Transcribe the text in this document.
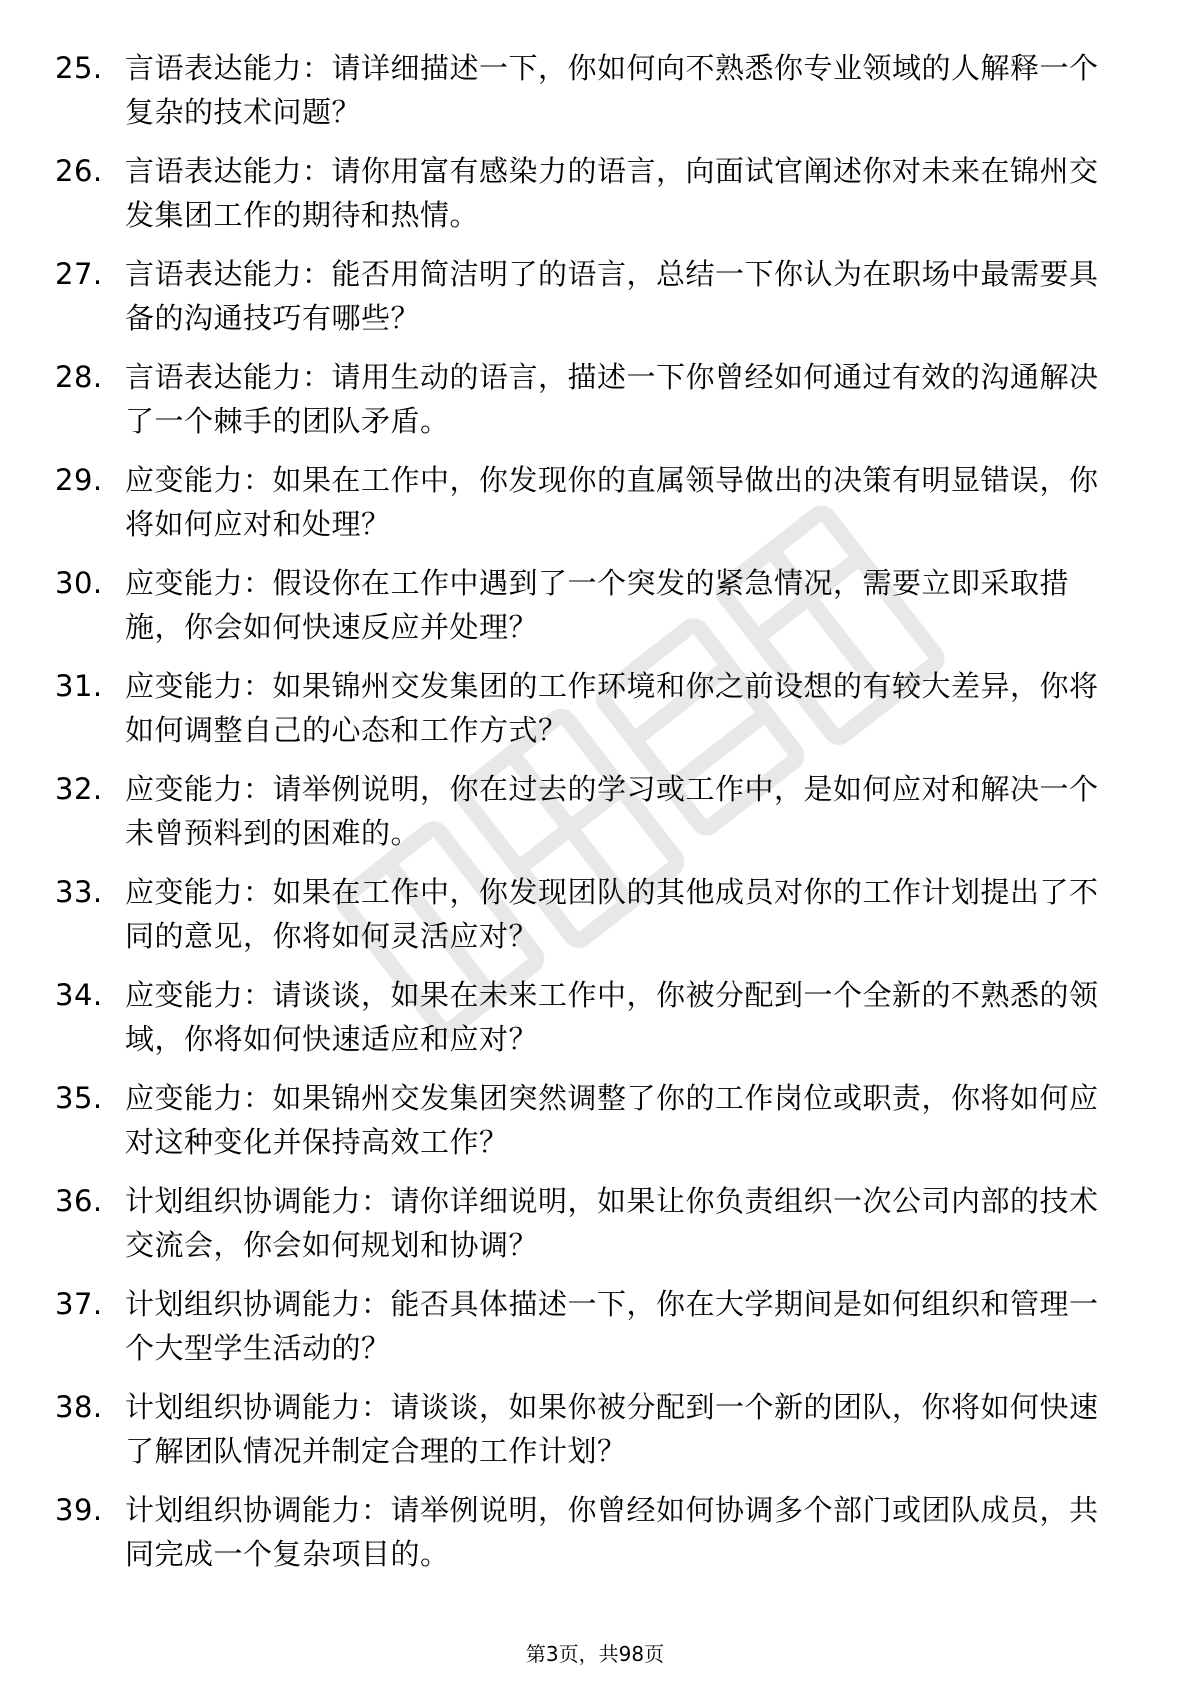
25. 言语表达能力：请详细描述一下，你如何向不熟悉你专业领域的人解释一个复杂的技术问题？
26. 言语表达能力：请你用富有感染力的语言，向面试官阐述你对未来在锦州交发集团工作的期待和热情。
27. 言语表达能力：能否用简洁明了的语言，总结一下你认为在职场中最需要具备的沟通技巧有哪些？
28. 言语表达能力：请用生动的语言，描述一下你曾经如何通过有效的沟通解决了一个棘手的团队矛盾。
29. 应变能力：如果在工作中，你发现你的直属领导做出的决策有明显错误，你将如何应对和处理？
30. 应变能力：假设你在工作中遇到了一个突发的紧急情况，需要立即采取措施，你会如何快速反应并处理？
31. 应变能力：如果锦州交发集团的工作环境和你之前设想的有较大差异，你将如何调整自己的心态和工作方式？
32. 应变能力：请举例说明，你在过去的学习或工作中，是如何应对和解决一个未曾预料到的困难的。
33. 应变能力：如果在工作中，你发现团队的其他成员对你的工作计划提出了不同的意见，你将如何灵活应对？
34. 应变能力：请谈谈，如果在未来工作中，你被分配到一个全新的不熟悉的领域，你将如何快速适应和应对？
35. 应变能力：如果锦州交发集团突然调整了你的工作岗位或职责，你将如何应对这种变化并保持高效工作？
36. 计划组织协调能力：请你详细说明，如果让你负责组织一次公司内部的技术交流会，你会如何规划和协调？
37. 计划组织协调能力：能否具体描述一下，你在大学期间是如何组织和管理一个大型学生活动的？
38. 计划组织协调能力：请谈谈，如果你被分配到一个新的团队，你将如何快速了解团队情况并制定合理的工作计划？
39. 计划组织协调能力：请举例说明，你曾经如何协调多个部门或团队成员，共同完成一个复杂项目的。
第3页，共98页
